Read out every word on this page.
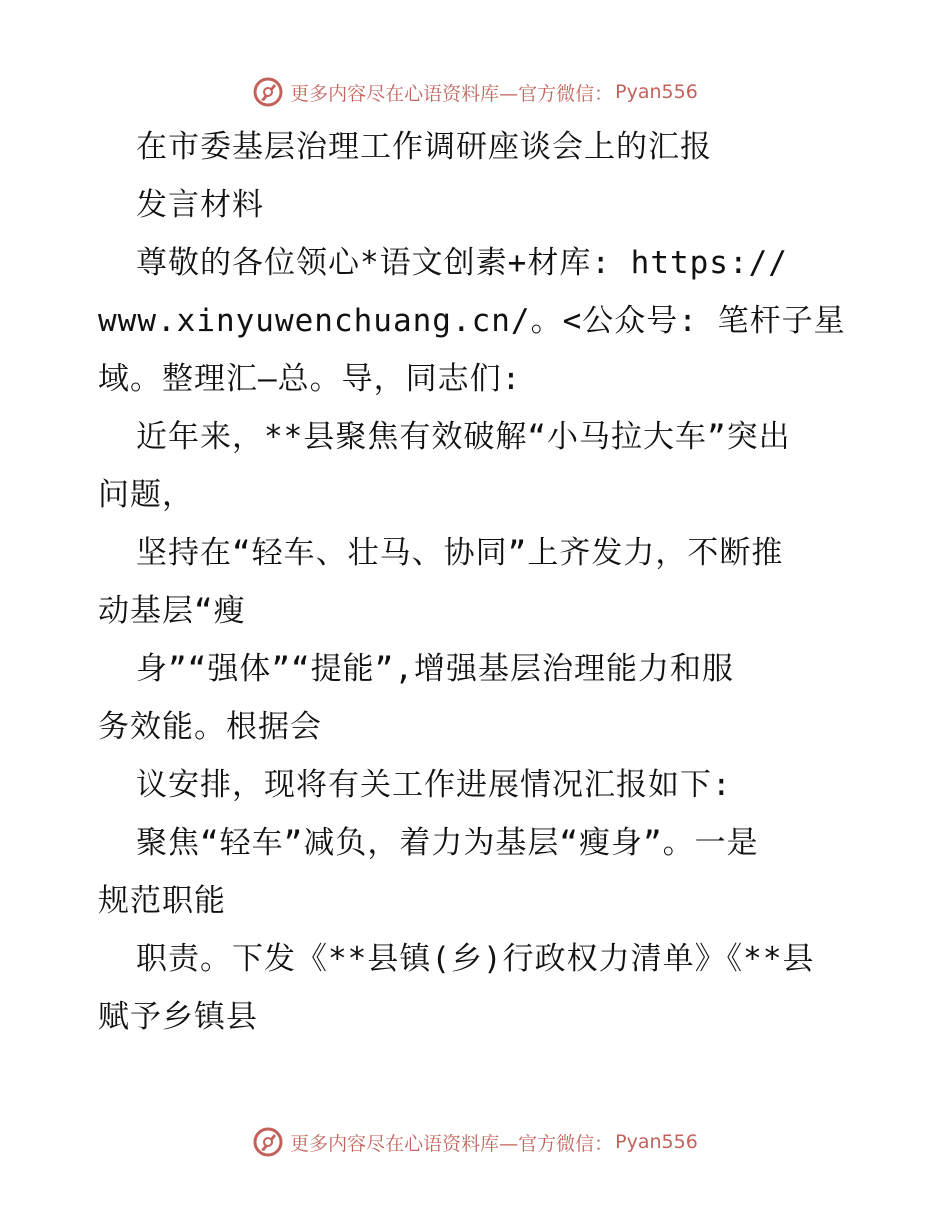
更多内容尽在心语资料库—官方微信： Pyan556
在市委基层治理工作调研座谈会上的汇报
发言材料
尊敬的各位领心*语文创素+材库: https://
www.xinyuwenchuang.cn/。<公众号: 笔杆子星
域。整理汇—总。导，同志们:
近年来，**县聚焦有效破解“小马拉大车”突出
问题，
坚持在“轻车、壮马、协同”上齐发力，不断推
动基层“瘦
身”“强体”“提能”,增强基层治理能力和服
务效能。根据会
议安排，现将有关工作进展情况汇报如下:
聚焦“轻车”减负，着力为基层“瘦身”。一是
规范职能
职责。下发《**县镇(乡)行政权力清单》《**县
赋予乡镇县
更多内容尽在心语资料库—官方微信： Pyan556
